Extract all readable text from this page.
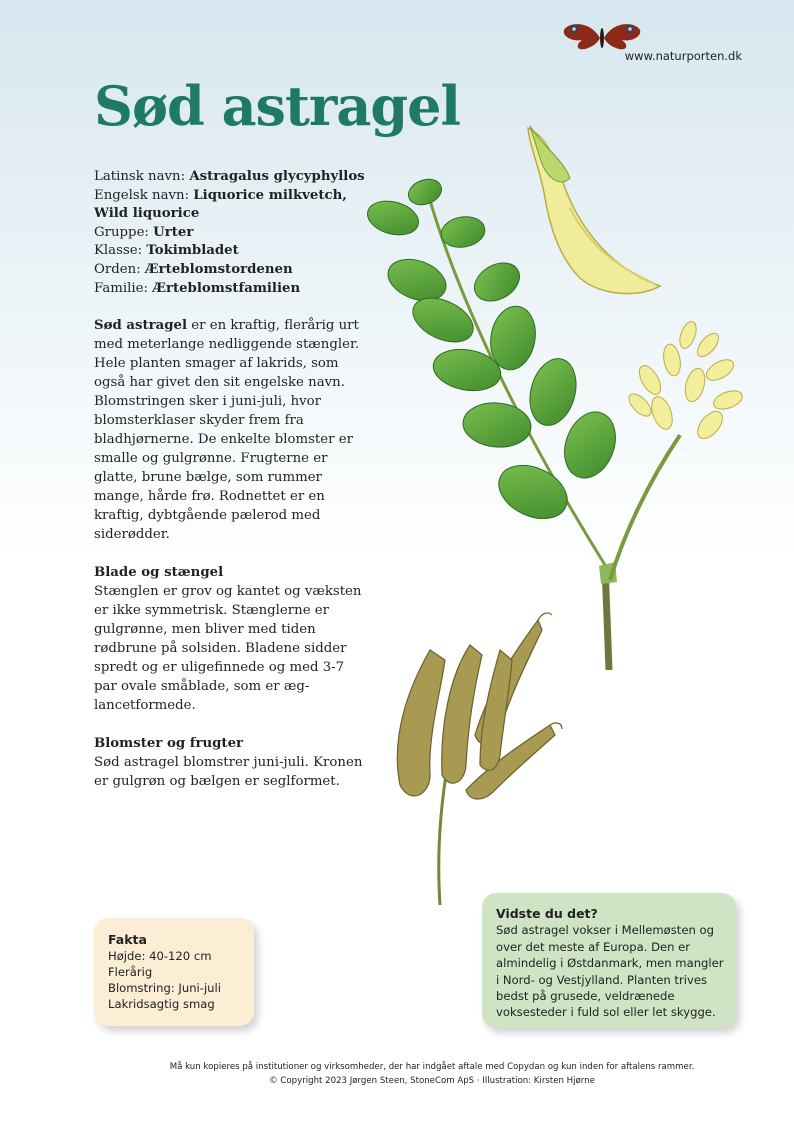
www.naturporten.dk
Sød astragel
Latinsk navn: Astragalus glycyphyllos
Engelsk navn: Liquorice milkvetch,
Wild liquorice
Gruppe: Urter
Klasse: Tokimbladet
Orden: Ærteblomstordenen
Familie: Ærteblomstfamilien

Sød astragel er en kraftig, flerårig urt med meterlange nedliggende stængler. Hele planten smager af lakrids, som også har givet den sit engelske navn. Blomstringen sker i juni-juli, hvor blomsterklaser skyder frem fra bladhjørnerne. De enkelte blomster er smalle og gulgrønne. Frugterne er glatte, brune bælge, som rummer mange, hårde frø. Rodnettet er en kraftig, dybtgående pælerod med siderødder.

Blade og stængel

Stænglen er grov og kantet og væksten er ikke symmetrisk. Stænglerne er gulgrønne, men bliver med tiden rødbrune på solsiden. Bladene sidder spredt og er uligefinnede og med 3-7 par ovale småblade, som er æg-lancetformede.

Blomster og frugter

Sød astragel blomstrer juni-juli. Kronen er gulgrøn og bælgen er seglformet.

Vidste du det?
Sød astragel vokser i Mellemøsten og over det meste af Europa. Den er almindelig i Østdanmark, men mangler i Nord- og Vestjylland. Planten trives bedst på grusede, veldrænede voksesteder i fuld sol eller let skygge.
Fakta
Højde: 40-120 cm
Flerårig
Blomstring: Juni-juli
Lakridsagtig smag
Må kun kopieres på institutioner og virksomheder, der har indgået aftale med Copydan og kun inden for aftalens rammer.
© Copyright 2023 Jørgen Steen, StoneCom ApS · Illustration: Kirsten Hjørne
